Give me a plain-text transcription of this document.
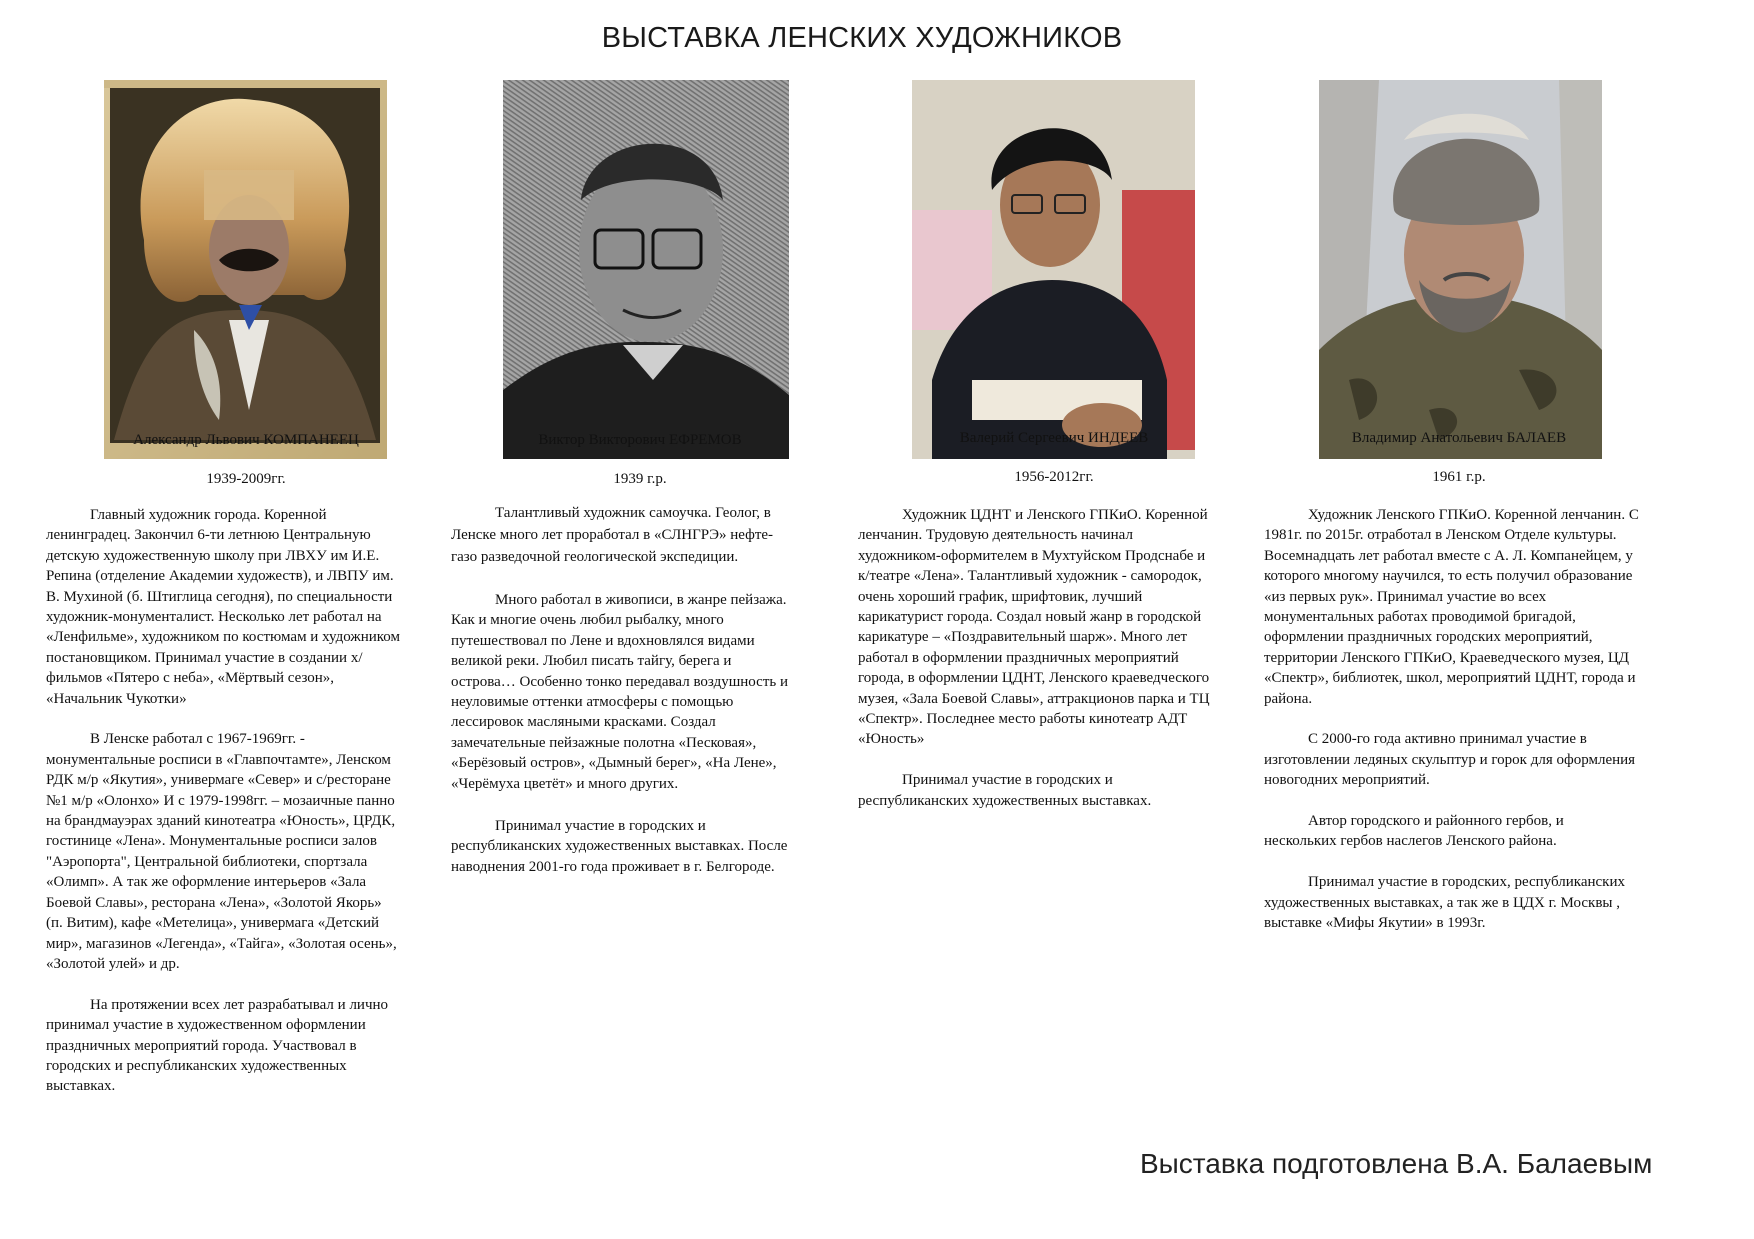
ВЫСТАВКА ЛЕНСКИХ ХУДОЖНИКОВ
Александр Львович КОМПАНЕЕЦ
1939-2009гг.

Главный художник города. Коренной ленинградец. Закончил 6-ти летнюю Центральную детскую художественную школу при ЛВХУ им И.Е. Репина (отделение Академии художеств), и ЛВПУ им. В. Мухиной (б. Штиглица сегодня), по специальности художник-монументалист. Несколько лет работал на «Ленфильме», художником по костюмам и художником постановщиком. Принимал участие в создании х/фильмов «Пятеро с неба», «Мёртвый сезон», «Начальник Чукотки»

В Ленске работал с 1967-1969гг. - монументальные росписи в «Главпочтамте», Ленском РДК м/р «Якутия», универмаге «Север» и с/ресторане №1 м/р «Олонхо» И с 1979-1998гг. – мозаичные панно на брандмауэрах зданий кинотеатра «Юность», ЦРДК, гостинице «Лена». Монументальные росписи залов "Аэропорта", Центральной библиотеки, спортзала «Олимп». А так же оформление интерьеров «Зала Боевой Славы», ресторана «Лена», «Золотой Якорь» (п. Витим), кафе «Метелица», универмага «Детский мир», магазинов «Легенда», «Тайга», «Золотая осень», «Золотой улей» и др.

На протяжении всех лет разрабатывал и лично принимал участие в художественном оформлении праздничных мероприятий города. Участвовал в городских и республиканских художественных выставках.

Виктор Викторович ЕФРЕМОВ
1939 г.р.

Талантливый художник самоучка. Геолог, в Ленске много лет проработал в «СЛНГРЭ» нефте-газо разведочной геологической экспедиции.

Много работал в живописи, в жанре пейзажа. Как и многие очень любил рыбалку, много путешествовал по Лене и вдохновлялся видами великой реки. Любил писать тайгу, берега и острова… Особенно тонко передавал воздушность и неуловимые оттенки атмосферы с помощью лессировок масляными красками. Создал замечательные пейзажные полотна «Песковая», «Берёзовый остров», «Дымный берег», «На Лене», «Черёмуха цветёт» и много других.

Принимал участие в городских и республиканских художественных выставках. После наводнения 2001-го года проживает в г. Белгороде.

Валерий Сергеевич ИНДЕЕВ
1956-2012гг.

Художник ЦДНТ и Ленского ГПКиО. Коренной ленчанин. Трудовую деятельность начинал художником-оформителем в Мухтуйском Продснабе и к/театре «Лена». Талантливый художник - самородок, очень хороший график, шрифтовик, лучший карикатурист города. Создал новый жанр в городской карикатуре – «Поздравительный шарж». Много лет работал в оформлении праздничных мероприятий города, в оформлении ЦДНТ, Ленского краеведческого музея, «Зала Боевой Славы», аттракционов парка и ТЦ «Спектр». Последнее место работы кинотеатр АДТ «Юность»

Принимал участие в городских и республиканских художественных выставках.

Владимир Анатольевич БАЛАЕВ
1961 г.р.

Художник Ленского ГПКиО. Коренной ленчанин. С 1981г. по 2015г. отработал в Ленском Отделе культуры. Восемнадцать лет работал вместе с А. Л. Компанейцем, у которого многому научился, то есть получил образование «из первых рук». Принимал участие во всех монументальных работах проводимой бригадой, оформлении праздничных городских мероприятий, территории Ленского ГПКиО, Краеведческого музея, ЦД «Спектр», библиотек, школ, мероприятий ЦДНТ, города и района.

С 2000-го года активно принимал участие в изготовлении ледяных скульптур и горок для оформления новогодних мероприятий.

Автор городского и районного гербов, и нескольких гербов наслегов Ленского района.

Принимал участие в городских, республиканских художественных выставках, а так же в ЦДХ г. Москвы , выставке «Мифы Якутии» в 1993г.

Выставка подготовлена В.А. Балаевым
